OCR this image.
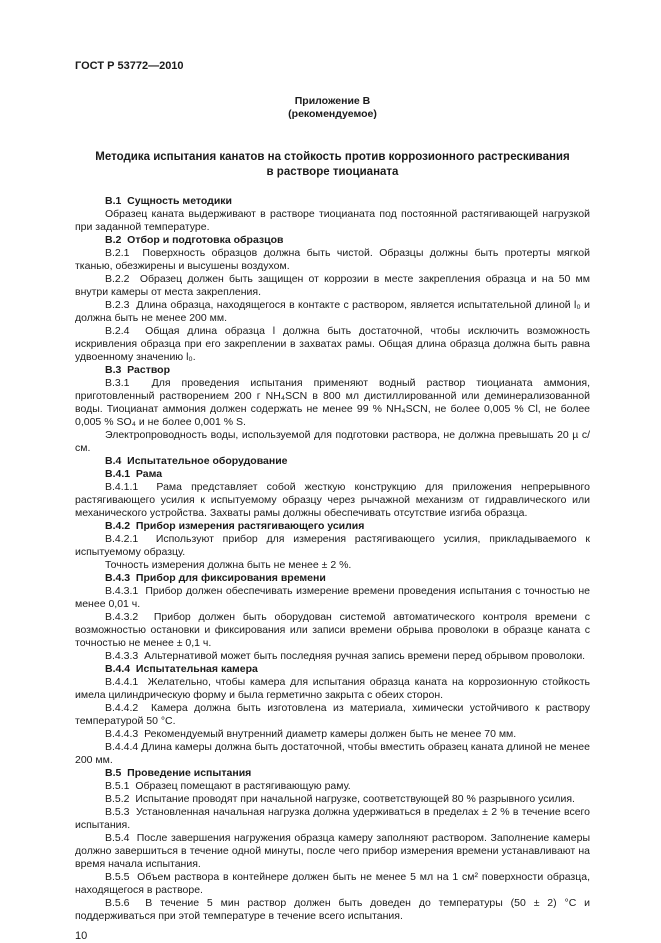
ГОСТ Р 53772—2010
Приложение В
(рекомендуемое)
Методика испытания канатов на стойкость против коррозионного растрескивания
в растворе тиоцианата
В.1  Сущность методики
Образец каната выдерживают в растворе тиоцианата под постоянной растягивающей нагрузкой при заданной температуре.
В.2  Отбор и подготовка образцов
В.2.1  Поверхность образцов должна быть чистой. Образцы должны быть протерты мягкой тканью, обезжирены и высушены воздухом.
В.2.2  Образец должен быть защищен от коррозии в месте закрепления образца и на 50 мм внутри камеры от места закрепления.
В.2.3  Длина образца, находящегося в контакте с раствором, является испытательной длиной l₀ и должна быть не менее 200 мм.
В.2.4  Общая длина образца l должна быть достаточной, чтобы исключить возможность искривления образца при его закреплении в захватах рамы. Общая длина образца должна быть равна удвоенному значению l₀.
В.3  Раствор
В.3.1  Для проведения испытания применяют водный раствор тиоцианата аммония, приготовленный растворением 200 г NH₄SCN в 800 мл дистиллированной или деминерализованной воды. Тиоцианат аммония должен содержать не менее 99 % NH₄SCN, не более 0,005 % Cl, не более 0,005 % SO₄ и не более 0,001 % S.
Электропроводность воды, используемой для подготовки раствора, не должна превышать 20 µ с/см.
В.4  Испытательное оборудование
В.4.1  Рама
В.4.1.1  Рама представляет собой жесткую конструкцию для приложения непрерывного растягивающего усилия к испытуемому образцу через рычажной механизм от гидравлического или механического устройства. Захваты рамы должны обеспечивать отсутствие изгиба образца.
В.4.2  Прибор измерения растягивающего усилия
В.4.2.1  Используют прибор для измерения растягивающего усилия, прикладываемого к испытуемому образцу.
Точность измерения должна быть не менее ± 2 %.
В.4.3  Прибор для фиксирования времени
В.4.3.1  Прибор должен обеспечивать измерение времени проведения испытания с точностью не менее 0,01 ч.
В.4.3.2  Прибор должен быть оборудован системой автоматического контроля времени с возможностью остановки и фиксирования или записи времени обрыва проволоки в образце каната с точностью не менее ± 0,1 ч.
В.4.3.3  Альтернативой может быть последняя ручная запись времени перед обрывом проволоки.
В.4.4  Испытательная камера
В.4.4.1  Желательно, чтобы камера для испытания образца каната на коррозионную стойкость имела цилиндрическую форму и была герметично закрыта с обеих сторон.
В.4.4.2  Камера должна быть изготовлена из материала, химически устойчивого к раствору температурой 50 °С.
В.4.4.3  Рекомендуемый внутренний диаметр камеры должен быть не менее 70 мм.
В.4.4.4 Длина камеры должна быть достаточной, чтобы вместить образец каната длиной не менее 200 мм.
В.5  Проведение испытания
В.5.1  Образец помещают в растягивающую раму.
В.5.2  Испытание проводят при начальной нагрузке, соответствующей 80 % разрывного усилия.
В.5.3  Установленная начальная нагрузка должна удерживаться в пределах ± 2 % в течение всего испытания.
В.5.4  После завершения нагружения образца камеру заполняют раствором. Заполнение камеры должно завершиться в течение одной минуты, после чего прибор измерения времени устанавливают на время начала испытания.
В.5.5  Объем раствора в контейнере должен быть не менее 5 мл на 1 см² поверхности образца, находящегося в растворе.
В.5.6  В течение 5 мин раствор должен быть доведен до температуры (50 ± 2) °С и поддерживаться при этой температуре в течение всего испытания.
10
